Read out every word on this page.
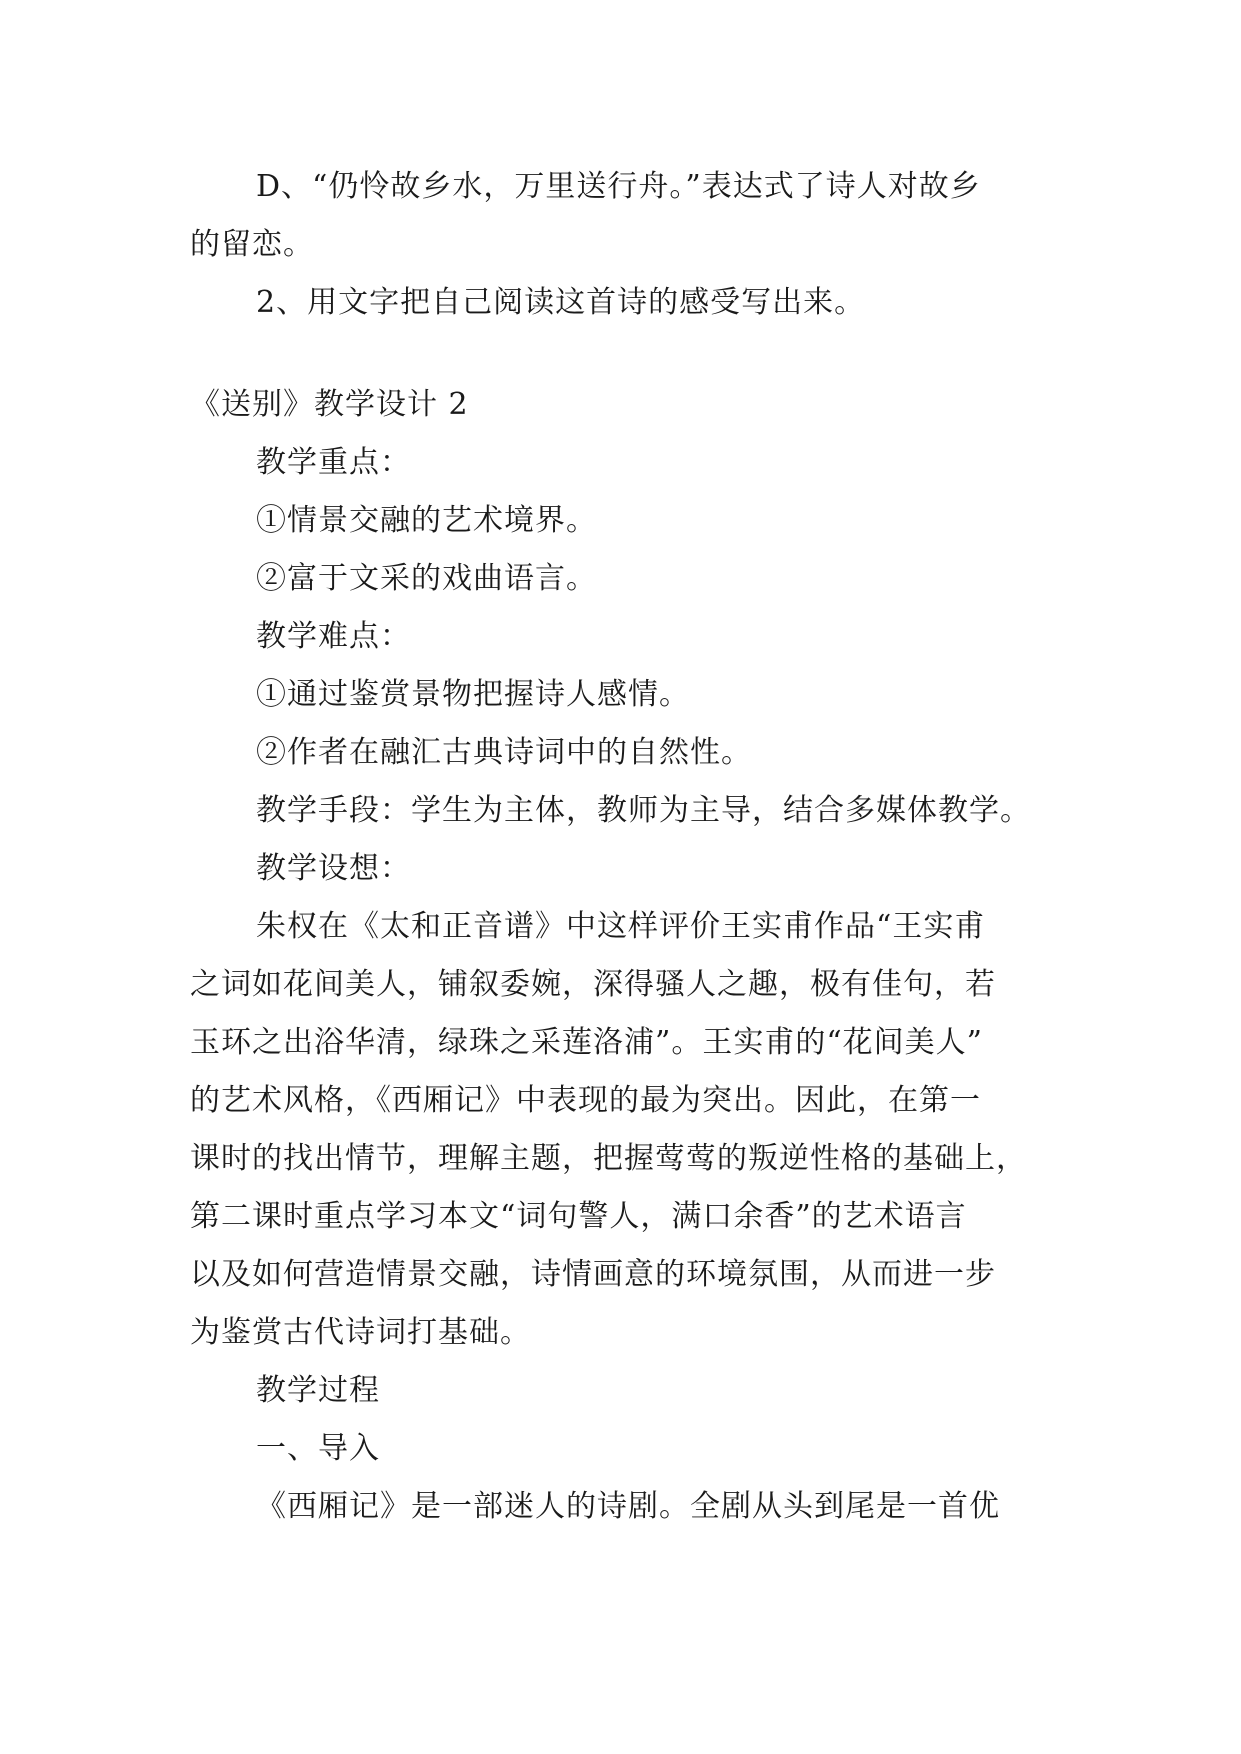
D、“仍怜故乡水，万里送行舟。”表达式了诗人对故乡
的留恋。
2、用文字把自己阅读这首诗的感受写出来。
《送别》教学设计 2
教学重点：
①情景交融的艺术境界。
②富于文采的戏曲语言。
教学难点：
①通过鉴赏景物把握诗人感情。
②作者在融汇古典诗词中的自然性。
教学手段：学生为主体，教师为主导，结合多媒体教学。
教学设想：
朱权在《太和正音谱》中这样评价王实甫作品“王实甫
之词如花间美人，铺叙委婉，深得骚人之趣，极有佳句，若
玉环之出浴华清，绿珠之采莲洛浦”。王实甫的“花间美人”
的艺术风格，《西厢记》中表现的最为突出。因此，在第一
课时的找出情节，理解主题，把握莺莺的叛逆性格的基础上，
第二课时重点学习本文“词句警人，满口余香”的艺术语言
以及如何营造情景交融，诗情画意的环境氛围，从而进一步
为鉴赏古代诗词打基础。
教学过程
一、导入
《西厢记》是一部迷人的诗剧。全剧从头到尾是一首优
